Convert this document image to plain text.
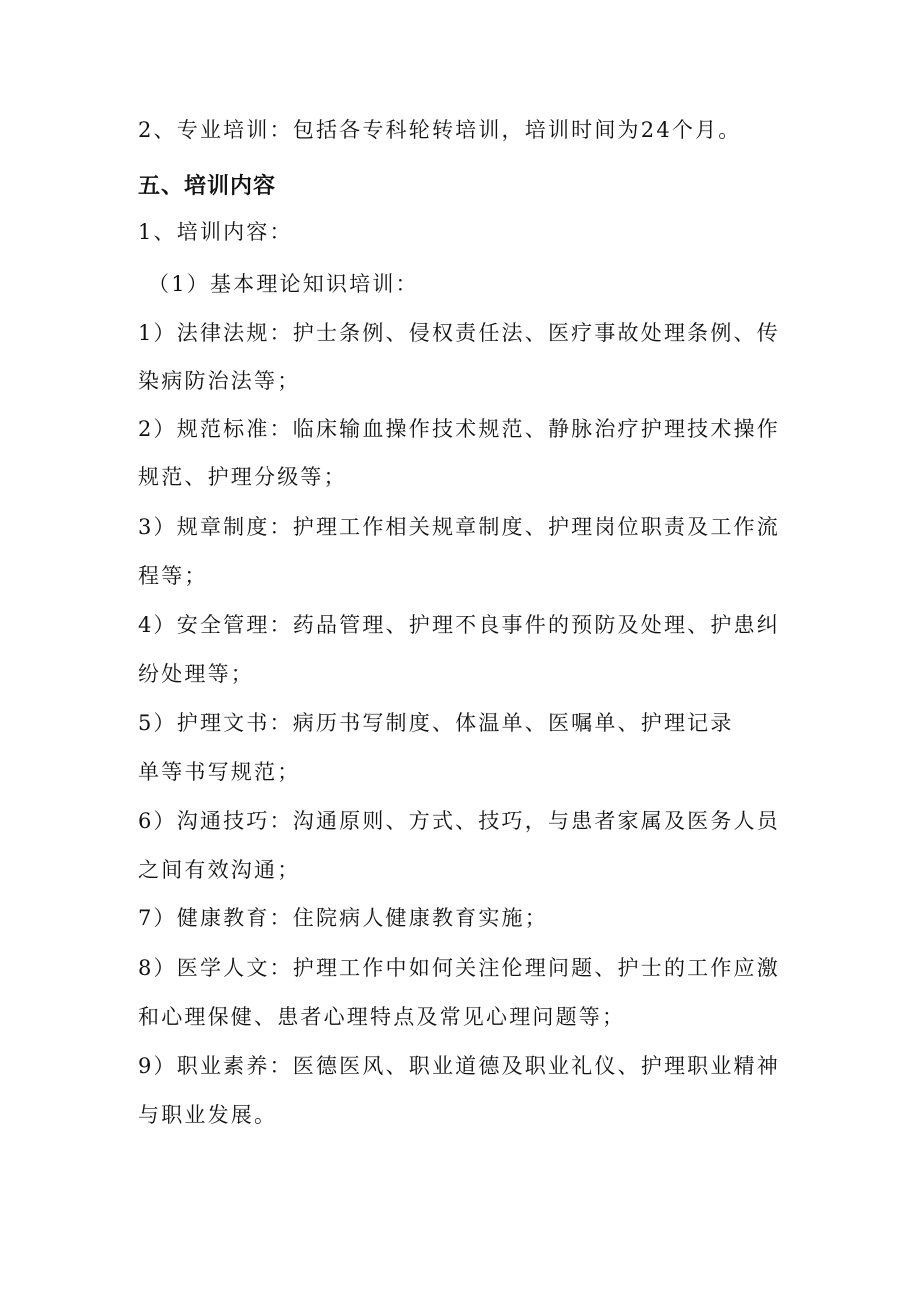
2、专业培训：包括各专科轮转培训，培训时间为24个月。
五、培训内容
1、培训内容：
（1）基本理论知识培训：
1）法律法规：护士条例、侵权责任法、医疗事故处理条例、传
染病防治法等；
2）规范标准：临床输血操作技术规范、静脉治疗护理技术操作
规范、护理分级等；
3）规章制度：护理工作相关规章制度、护理岗位职责及工作流
程等；
4）安全管理：药品管理、护理不良事件的预防及处理、护患纠
纷处理等；
5）护理文书：病历书写制度、体温单、医嘱单、护理记录
单等书写规范；
6）沟通技巧：沟通原则、方式、技巧，与患者家属及医务人员
之间有效沟通；
7）健康教育：住院病人健康教育实施；
8）医学人文：护理工作中如何关注伦理问题、护士的工作应激
和心理保健、患者心理特点及常见心理问题等；
9）职业素养：医德医风、职业道德及职业礼仪、护理职业精神
与职业发展。
